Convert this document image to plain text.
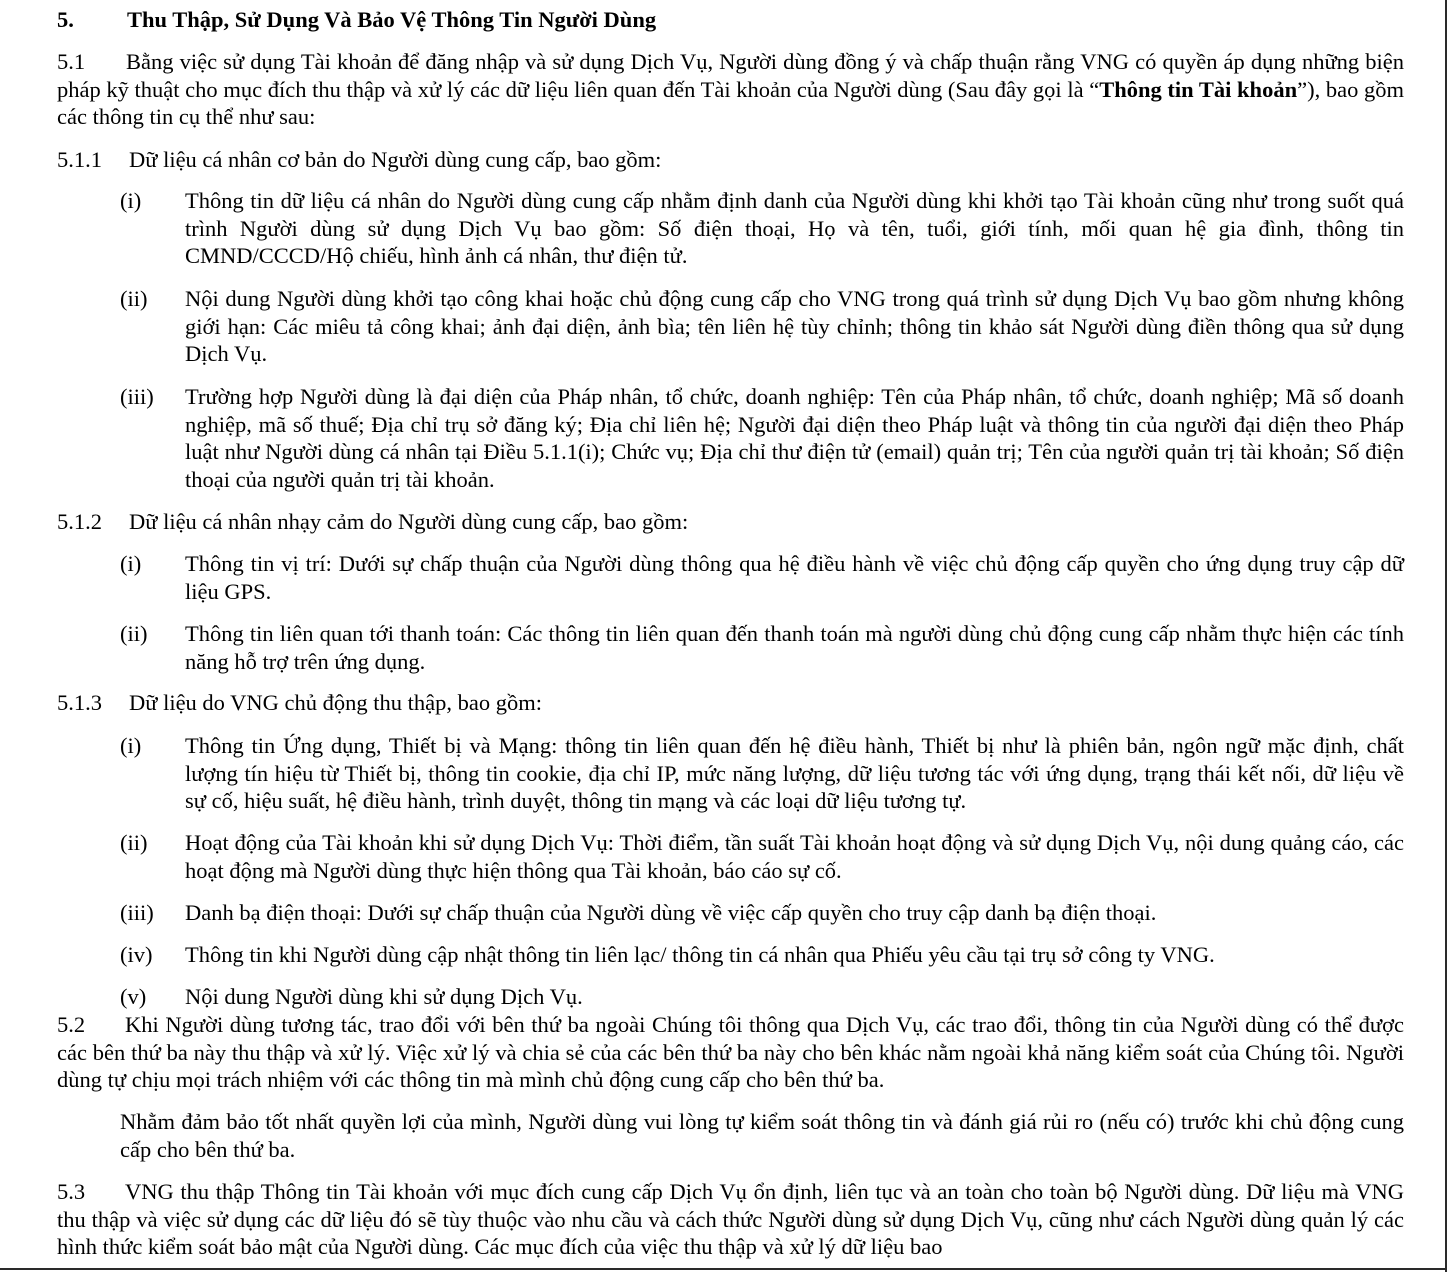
5.	Thu Thập, Sử Dụng Và Bảo Vệ Thông Tin Người Dùng
5.1 Bằng việc sử dụng Tài khoản để đăng nhập và sử dụng Dịch Vụ, Người dùng đồng ý và chấp thuận rằng VNG có quyền áp dụng những biện pháp kỹ thuật cho mục đích thu thập và xử lý các dữ liệu liên quan đến Tài khoản của Người dùng (Sau đây gọi là “Thông tin Tài khoản”), bao gồm các thông tin cụ thể như sau:
5.1.1 Dữ liệu cá nhân cơ bản do Người dùng cung cấp, bao gồm:
(i) Thông tin dữ liệu cá nhân do Người dùng cung cấp nhằm định danh của Người dùng khi khởi tạo Tài khoản cũng như trong suốt quá trình Người dùng sử dụng Dịch Vụ bao gồm: Số điện thoại, Họ và tên, tuổi, giới tính, mối quan hệ gia đình, thông tin CMND/CCCD/Hộ chiếu, hình ảnh cá nhân, thư điện tử.
(ii) Nội dung Người dùng khởi tạo công khai hoặc chủ động cung cấp cho VNG trong quá trình sử dụng Dịch Vụ bao gồm nhưng không giới hạn: Các miêu tả công khai; ảnh đại diện, ảnh bìa; tên liên hệ tùy chỉnh; thông tin khảo sát Người dùng điền thông qua sử dụng Dịch Vụ.
(iii) Trường hợp Người dùng là đại diện của Pháp nhân, tổ chức, doanh nghiệp: Tên của Pháp nhân, tổ chức, doanh nghiệp; Mã số doanh nghiệp, mã số thuế; Địa chỉ trụ sở đăng ký; Địa chỉ liên hệ; Người đại diện theo Pháp luật và thông tin của người đại diện theo Pháp luật như Người dùng cá nhân tại Điều 5.1.1(i); Chức vụ; Địa chỉ thư điện tử (email) quản trị; Tên của người quản trị tài khoản; Số điện thoại của người quản trị tài khoản.
5.1.2 Dữ liệu cá nhân nhạy cảm do Người dùng cung cấp, bao gồm:
(i) Thông tin vị trí: Dưới sự chấp thuận của Người dùng thông qua hệ điều hành về việc chủ động cấp quyền cho ứng dụng truy cập dữ liệu GPS.
(ii) Thông tin liên quan tới thanh toán: Các thông tin liên quan đến thanh toán mà người dùng chủ động cung cấp nhằm thực hiện các tính năng hỗ trợ trên ứng dụng.
5.1.3 Dữ liệu do VNG chủ động thu thập, bao gồm:
(i) Thông tin Ứng dụng, Thiết bị và Mạng: thông tin liên quan đến hệ điều hành, Thiết bị như là phiên bản, ngôn ngữ mặc định, chất lượng tín hiệu từ Thiết bị, thông tin cookie, địa chỉ IP, mức năng lượng, dữ liệu tương tác với ứng dụng, trạng thái kết nối, dữ liệu về sự cố, hiệu suất, hệ điều hành, trình duyệt, thông tin mạng và các loại dữ liệu tương tự.
(ii) Hoạt động của Tài khoản khi sử dụng Dịch Vụ: Thời điểm, tần suất Tài khoản hoạt động và sử dụng Dịch Vụ, nội dung quảng cáo, các hoạt động mà Người dùng thực hiện thông qua Tài khoản, báo cáo sự cố.
(iii) Danh bạ điện thoại: Dưới sự chấp thuận của Người dùng về việc cấp quyền cho truy cập danh bạ điện thoại.
(iv) Thông tin khi Người dùng cập nhật thông tin liên lạc/ thông tin cá nhân qua Phiếu yêu cầu tại trụ sở công ty VNG.
(v) Nội dung Người dùng khi sử dụng Dịch Vụ.
5.2 Khi Người dùng tương tác, trao đổi với bên thứ ba ngoài Chúng tôi thông qua Dịch Vụ, các trao đổi, thông tin của Người dùng có thể được các bên thứ ba này thu thập và xử lý. Việc xử lý và chia sẻ của các bên thứ ba này cho bên khác nằm ngoài khả năng kiểm soát của Chúng tôi. Người dùng tự chịu mọi trách nhiệm với các thông tin mà mình chủ động cung cấp cho bên thứ ba.
Nhằm đảm bảo tốt nhất quyền lợi của mình, Người dùng vui lòng tự kiểm soát thông tin và đánh giá rủi ro (nếu có) trước khi chủ động cung cấp cho bên thứ ba.
5.3 VNG thu thập Thông tin Tài khoản với mục đích cung cấp Dịch Vụ ổn định, liên tục và an toàn cho toàn bộ Người dùng. Dữ liệu mà VNG thu thập và việc sử dụng các dữ liệu đó sẽ tùy thuộc vào nhu cầu và cách thức Người dùng sử dụng Dịch Vụ, cũng như cách Người dùng quản lý các hình thức kiểm soát bảo mật của Người dùng. Các mục đích của việc thu thập và xử lý dữ liệu bao
